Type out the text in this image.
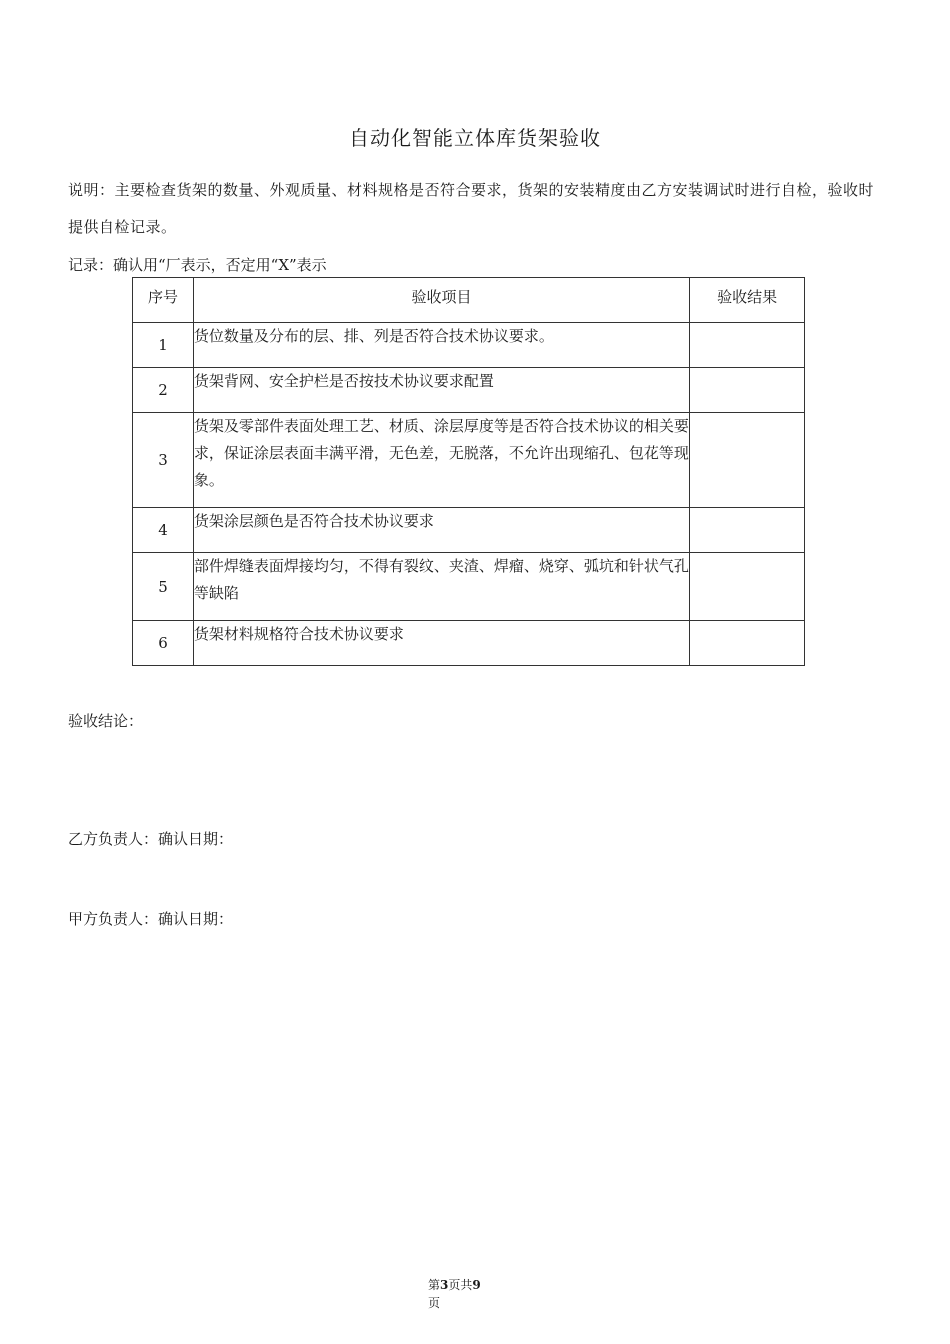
自动化智能立体库货架验收
说明：主要检查货架的数量、外观质量、材料规格是否符合要求，货架的安装精度由乙方安装调试时进行自检，验收时提供自检记录。
记录：确认用“厂表示，否定用“X”表示
序号	验收项目	验收结果
1	货位数量及分布的层、排、列是否符合技术协议要求。	
2	货架背网、安全护栏是否按技术协议要求配置	
3	货架及零部件表面处理工艺、材质、涂层厚度等是否符合技术协议的相关要求，保证涂层表面丰满平滑，无色差，无脱落，不允许出现缩孔、包花等现象。	
4	货架涂层颜色是否符合技术协议要求	
5	部件焊缝表面焊接均匀，不得有裂纹、夹渣、焊瘤、烧穿、弧坑和针状气孔等缺陷	
6	货架材料规格符合技术协议要求	
验收结论：
乙方负责人：确认日期：
甲方负责人：确认日期：
第3页共9
页
